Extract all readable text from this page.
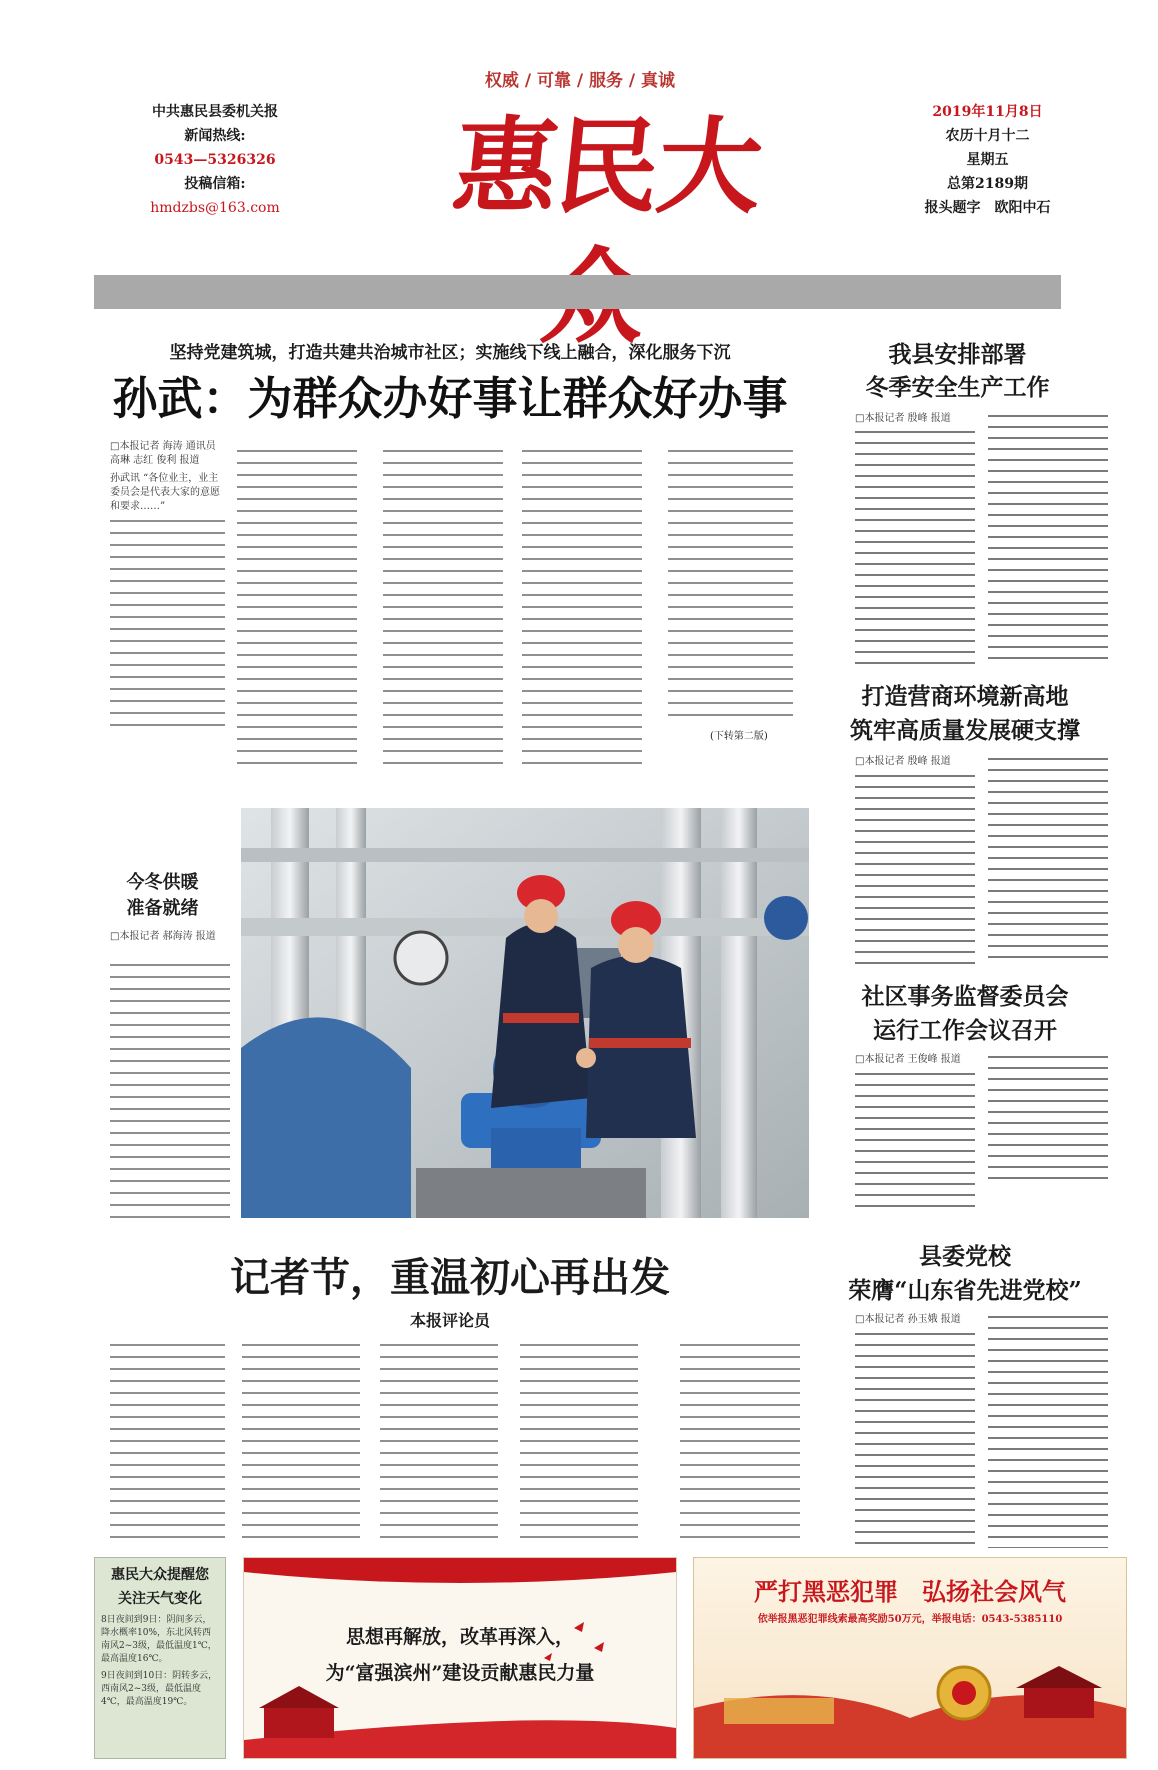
权威 / 可靠 / 服务 / 真诚
中共惠民县委机关报
新闻热线:
0543—5326326
投稿信箱:
hmdzbs@163.com	惠民大众
2019年11月8日
农历十月十二
星期五
总第2189期
报头题字　欧阳中石
坚持党建筑城，打造共建共治城市社区；实施线下线上融合，深化服务下沉
孙武：为群众办好事让群众好办事
□本报记者 海涛 通讯员 高琳 志红 俊利 报道
孙武讯 “各位业主，业主委员会是代表大家的意愿和要求……”
(下转第二版)
我县安排部署
冬季安全生产工作
□本报记者 殷峰 报道
打造营商环境新高地
筑牢高质量发展硬支撑
□本报记者 殷峰 报道
今冬供暖
准备就绪
□本报记者 郝海涛 报道
社区事务监督委员会
运行工作会议召开
□本报记者 王俊峰 报道
记者节，重温初心再出发
本报评论员
县委党校
荣膺“山东省先进党校”
□本报记者 孙玉娥 报道
惠民大众提醒您
关注天气变化
8日夜间到9日：阴间多云，降水概率10%，东北风转西南风2~3级，最低温度1℃，最高温度16℃。
9日夜间到10日：阴转多云，西南风2~3级，最低温度4℃，最高温度19℃。
思想再解放，改革再深入，
为“富强滨州”建设贡献惠民力量
严打黑恶犯罪　弘扬社会风气
依举报黑恶犯罪线索最高奖励50万元，举报电话：0543-5385110
